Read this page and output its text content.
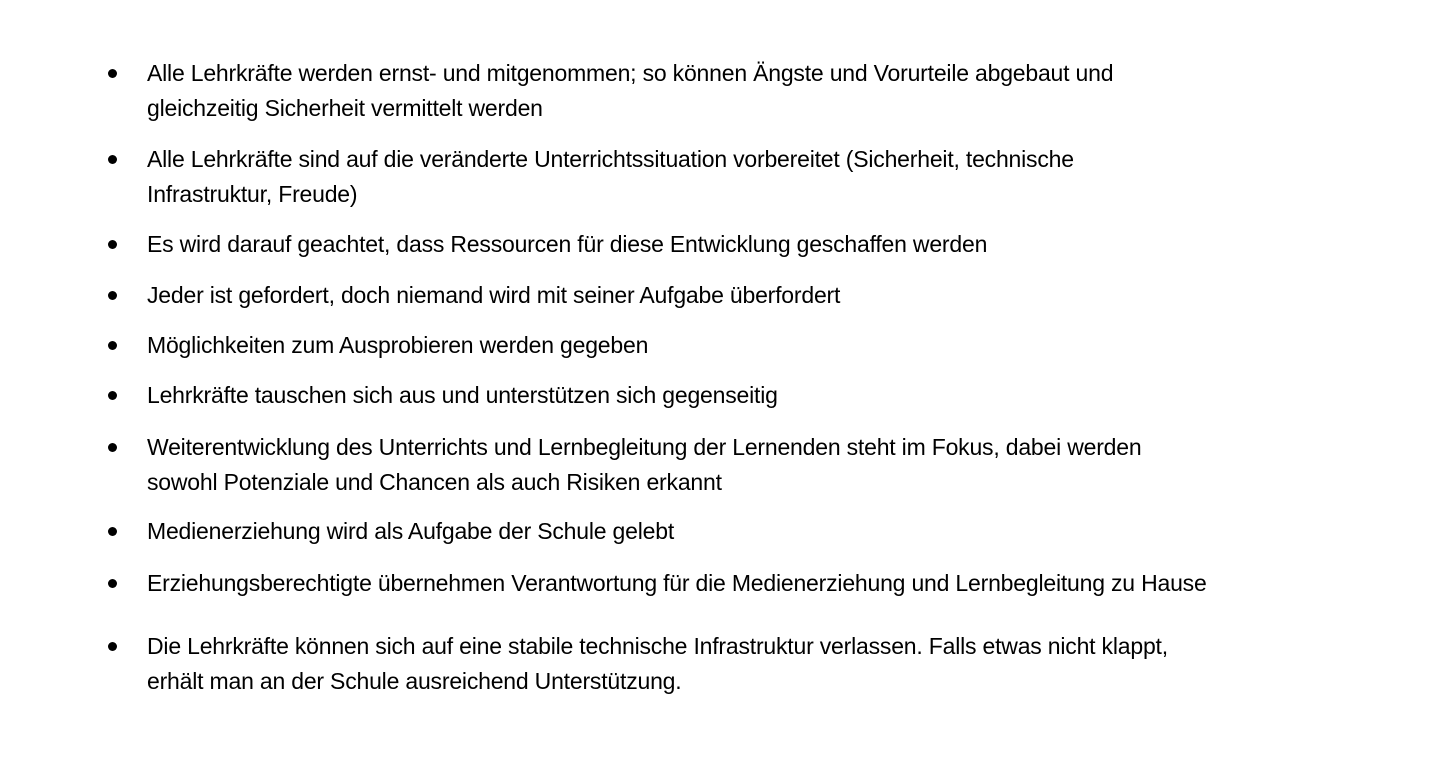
Alle Lehrkräfte werden ernst- und mitgenommen; so können Ängste und Vorurteile abgebaut und
gleichzeitig Sicherheit vermittelt werden
Alle Lehrkräfte sind auf die veränderte Unterrichtssituation vorbereitet (Sicherheit, technische
Infrastruktur, Freude)
Es wird darauf geachtet, dass Ressourcen für diese Entwicklung geschaffen werden
Jeder ist gefordert, doch niemand wird mit seiner Aufgabe überfordert
Möglichkeiten zum Ausprobieren werden gegeben
Lehrkräfte tauschen sich aus und unterstützen sich gegenseitig
Weiterentwicklung des Unterrichts und Lernbegleitung der Lernenden steht im Fokus, dabei werden
sowohl Potenziale und Chancen als auch Risiken erkannt
Medienerziehung wird als Aufgabe der Schule gelebt
Erziehungsberechtigte übernehmen Verantwortung für die Medienerziehung und Lernbegleitung zu Hause
Die Lehrkräfte können sich auf eine stabile technische Infrastruktur verlassen. Falls etwas nicht klappt,
erhält man an der Schule ausreichend Unterstützung.
